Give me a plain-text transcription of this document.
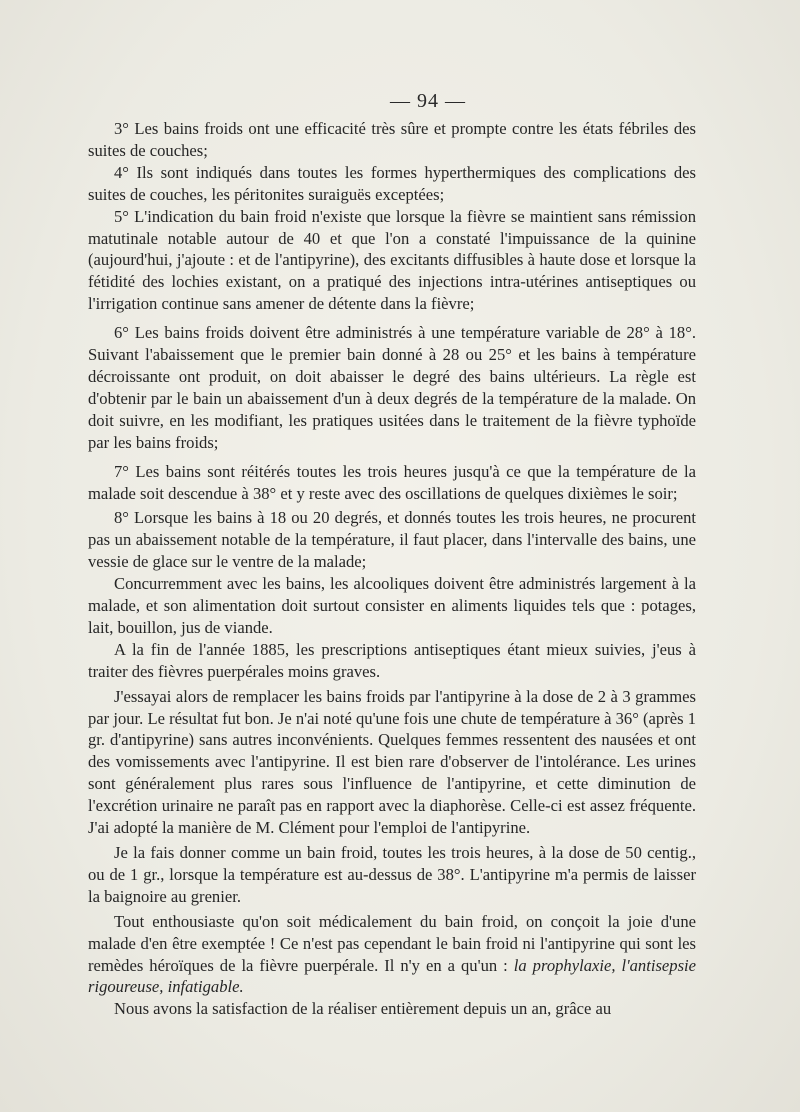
— 94 —

3° Les bains froids ont une efficacité très sûre et prompte contre les états fébriles des suites de couches;

4° Ils sont indiqués dans toutes les formes hyperthermiques des complications des suites de couches, les péritonites suraiguës exceptées;

5° L'indication du bain froid n'existe que lorsque la fièvre se maintient sans rémission matutinale notable autour de 40 et que l'on a constaté l'impuissance de la quinine (aujourd'hui, j'ajoute : et de l'antipyrine), des excitants diffusibles à haute dose et lorsque la fétidité des lochies existant, on a pratiqué des injections intra-utérines antiseptiques ou l'irrigation continue sans amener de détente dans la fièvre;

6° Les bains froids doivent être administrés à une température variable de 28° à 18°. Suivant l'abaissement que le premier bain donné à 28 ou 25° et les bains à température décroissante ont produit, on doit abaisser le degré des bains ultérieurs. La règle est d'obtenir par le bain un abaissement d'un à deux degrés de la température de la malade. On doit suivre, en les modifiant, les pratiques usitées dans le traitement de la fièvre typhoïde par les bains froids;

7° Les bains sont réitérés toutes les trois heures jusqu'à ce que la température de la malade soit descendue à 38° et y reste avec des oscillations de quelques dixièmes le soir;

8° Lorsque les bains à 18 ou 20 degrés, et donnés toutes les trois heures, ne procurent pas un abaissement notable de la température, il faut placer, dans l'intervalle des bains, une vessie de glace sur le ventre de la malade;

Concurremment avec les bains, les alcooliques doivent être administrés largement à la malade, et son alimentation doit surtout consister en aliments liquides tels que : potages, lait, bouillon, jus de viande.

A la fin de l'année 1885, les prescriptions antiseptiques étant mieux suivies, j'eus à traiter des fièvres puerpérales moins graves.

J'essayai alors de remplacer les bains froids par l'antipyrine à la dose de 2 à 3 grammes par jour. Le résultat fut bon. Je n'ai noté qu'une fois une chute de température à 36° (après 1 gr. d'antipyrine) sans autres inconvénients. Quelques femmes ressentent des nausées et ont des vomissements avec l'antipyrine. Il est bien rare d'observer de l'intolérance. Les urines sont généralement plus rares sous l'influence de l'antipyrine, et cette diminution de l'excrétion urinaire ne paraît pas en rapport avec la diaphorèse. Celle-ci est assez fréquente. J'ai adopté la manière de M. Clément pour l'emploi de l'antipyrine.

Je la fais donner comme un bain froid, toutes les trois heures, à la dose de 50 centig., ou de 1 gr., lorsque la température est au-dessus de 38°. L'antipyrine m'a permis de laisser la baignoire au grenier.

Tout enthousiaste qu'on soit médicalement du bain froid, on conçoit la joie d'une malade d'en être exemptée ! Ce n'est pas cependant le bain froid ni l'antipyrine qui sont les remèdes héroïques de la fièvre puerpérale. Il n'y en a qu'un : la prophylaxie, l'antisepsie rigoureuse, infatigable.

Nous avons la satisfaction de la réaliser entièrement depuis un an, grâce au
